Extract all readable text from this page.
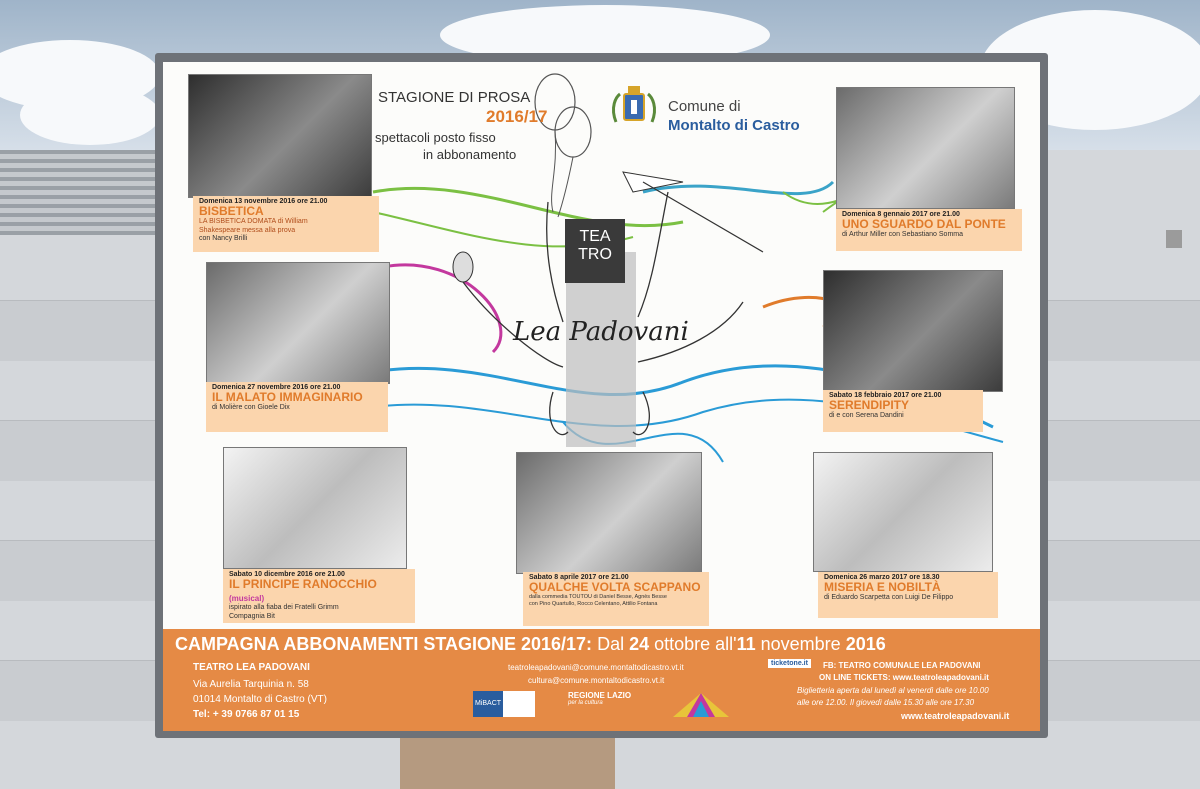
STAGIONE DI PROSA
2016/17
spettacoli posto fisso
in abbonamento
Comune di
Montalto di Castro
TEA
TRO
Lea Padovani
Domenica 13 novembre 2016 ore 21.00
BISBETICA
LA BISBETICA DOMATA di William
Shakespeare messa alla prova
con Nancy Brilli
Domenica 27 novembre 2016 ore 21.00
IL MALATO IMMAGINARIO
di Molière con Gioele Dix
Sabato 10 dicembre 2016 ore 21.00
IL PRINCIPE RANOCCHIO (musical)
ispirato alla fiaba dei Fratelli Grimm
Compagnia Bit
Sabato 8 aprile 2017 ore 21.00
QUALCHE VOLTA SCAPPANO
dalla commedia TOUTOU di Daniel Besse, Agnès Besse
con Pino Quartullo, Rocco Celentano, Attilio Fontana
Domenica 8 gennaio 2017 ore 21.00
UNO SGUARDO DAL PONTE
di Arthur Miller con Sebastiano Somma
Sabato 18 febbraio 2017 ore 21.00
SERENDIPITY
di e con Serena Dandini
Domenica 26 marzo 2017 ore 18.30
MISERIA E NOBILTÀ
di Eduardo Scarpetta con Luigi De Filippo
CAMPAGNA ABBONAMENTI STAGIONE 2016/17: Dal 24 ottobre all'11 novembre 2016
TEATRO LEA PADOVANI
Via Aurelia Tarquinia n. 58
01014 Montalto di Castro (VT)
Tel: + 39 0766 87 01 15
teatroleapadovani@comune.montaltodicastro.vt.it
cultura@comune.montaltodicastro.vt.it
MiBACT
REGIONE LAZIO
per la cultura
ticketone.it	FB: TEATRO COMUNALE LEA PADOVANI
ON LINE TICKETS: www.teatroleapadovani.it
Biglietteria aperta dal lunedì al venerdì dalle ore 10.00
alle ore 12.00. Il giovedì dalle 15.30 alle ore 17.30
www.teatroleapadovani.it
